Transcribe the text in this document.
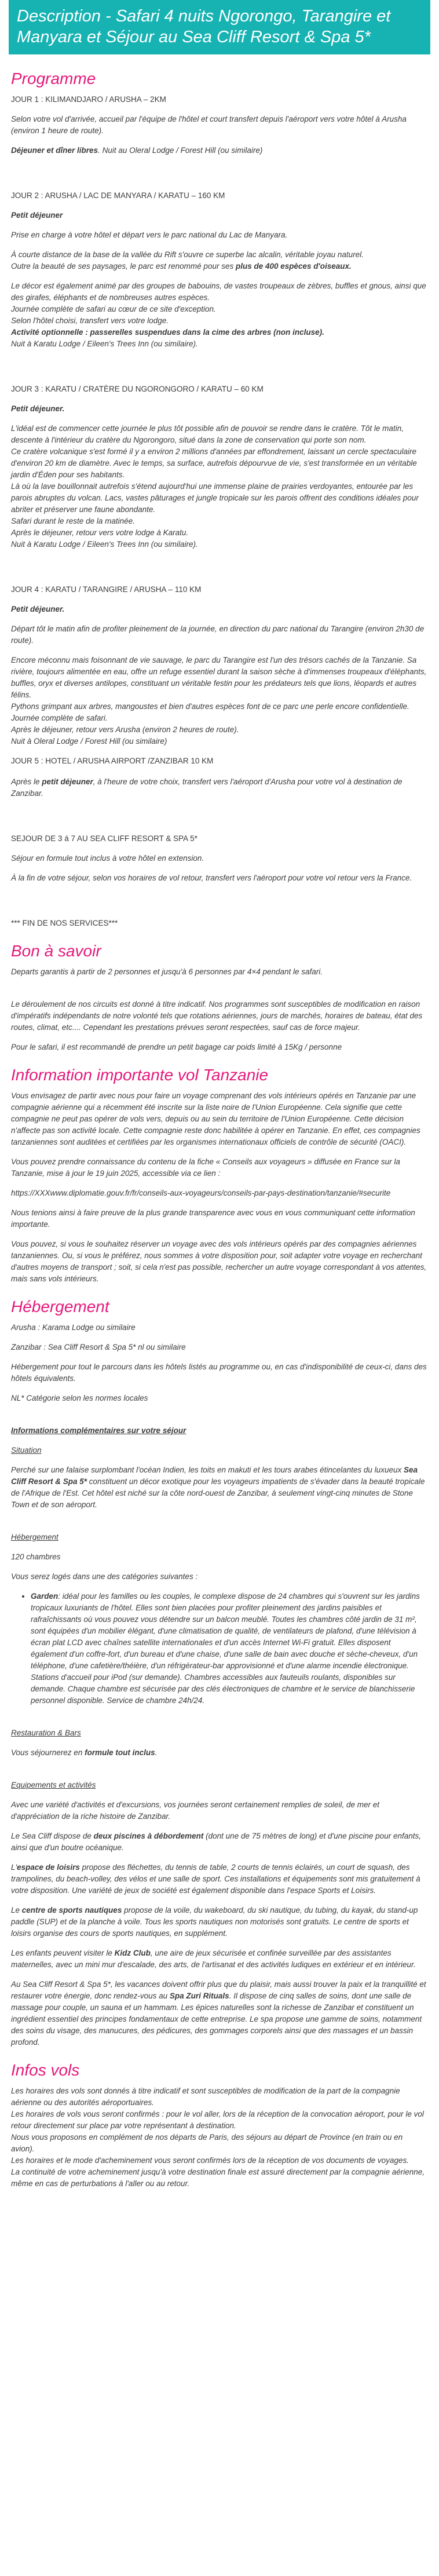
Description - Safari 4 nuits Ngorongo, Tarangire et Manyara et Séjour au Sea Cliff Resort & Spa 5*
Programme

JOUR 1 : KILIMANDJARO / ARUSHA – 2KM

Selon votre vol d'arrivée, accueil par l'équipe de l'hôtel et court transfert depuis l'aéroport vers votre hôtel à Arusha (environ 1 heure de route).

Déjeuner et dîner libres. Nuit au Oleral Lodge / Forest Hill (ou similaire)

JOUR 2 : ARUSHA / LAC DE MANYARA / KARATU – 160 KM

Petit déjeuner

Prise en charge à votre hôtel et départ vers le parc national du Lac de Manyara.

À courte distance de la base de la vallée du Rift s'ouvre ce superbe lac alcalin, véritable joyau naturel.

Outre la beauté de ses paysages, le parc est renommé pour ses plus de 400 espèces d'oiseaux.

Le décor est également animé par des groupes de babouins, de vastes troupeaux de zèbres, buffles et gnous, ainsi que des girafes, éléphants et de nombreuses autres espèces.

Journée complète de safari au cœur de ce site d'exception.

Selon l'hôtel choisi, transfert vers votre lodge.

Activité optionnelle : passerelles suspendues dans la cime des arbres (non incluse).

Nuit à Karatu Lodge / Eileen's Trees Inn (ou similaire).

JOUR 3 : KARATU / CRATÈRE DU NGORONGORO / KARATU – 60 KM

Petit déjeuner.

L'idéal est de commencer cette journée le plus tôt possible afin de pouvoir se rendre dans le cratère. Tôt le matin, descente à l'intérieur du cratère du Ngorongoro, situé dans la zone de conservation qui porte son nom.

Ce cratère volcanique s'est formé il y a environ 2 millions d'années par effondrement, laissant un cercle spectaculaire d'environ 20 km de diamètre. Avec le temps, sa surface, autrefois dépourvue de vie, s'est transformée en un véritable jardin d'Éden pour ses habitants.

Là où la lave bouillonnait autrefois s'étend aujourd'hui une immense plaine de prairies verdoyantes, entourée par les parois abruptes du volcan. Lacs, vastes pâturages et jungle tropicale sur les parois offrent des conditions idéales pour abriter et préserver une faune abondante.

Safari durant le reste de la matinée.

Après le déjeuner, retour vers votre lodge à Karatu.

Nuit à Karatu Lodge / Eileen's Trees Inn (ou similaire).

JOUR 4 : KARATU / TARANGIRE / ARUSHA – 110 KM

Petit déjeuner.

Départ tôt le matin afin de profiter pleinement de la journée, en direction du parc national du Tarangire (environ 2h30 de route).

Encore méconnu mais foisonnant de vie sauvage, le parc du Tarangire est l'un des trésors cachés de la Tanzanie. Sa rivière, toujours alimentée en eau, offre un refuge essentiel durant la saison sèche à d'immenses troupeaux d'éléphants, buffles, oryx et diverses antilopes, constituant un véritable festin pour les prédateurs tels que lions, léopards et autres félins.

Pythons grimpant aux arbres, mangoustes et bien d'autres espèces font de ce parc une perle encore confidentielle.

Journée complète de safari.

Après le déjeuner, retour vers Arusha (environ 2 heures de route).

Nuit à Oleral Lodge / Forest Hill (ou similaire)

JOUR 5 : HOTEL / ARUSHA AIRPORT /ZANZIBAR 10 KM

Après le petit déjeuner, à l'heure de votre choix, transfert vers l'aéroport d'Arusha pour votre vol à destination de Zanzibar.

SEJOUR DE 3 á 7 AU SEA CLIFF RESORT & SPA 5*

Séjour en formule tout inclus à votre hôtel en extension.

À la fin de votre séjour, selon vos horaires de vol retour, transfert vers l'aéroport pour votre vol retour vers la France.

*** FIN DE NOS SERVICES***

Bon à savoir

Departs garantis à partir de 2 personnes et jusqu'à 6 personnes par 4×4 pendant le safari.

Le déroulement de nos circuits est donné à titre indicatif. Nos programmes sont susceptibles de modification en raison d'impératifs indépendants de notre volonté tels que rotations aériennes, jours de marchés, horaires de bateau, état des routes, climat, etc.... Cependant les prestations prévues seront respectées, sauf cas de force majeur.

Pour le safari, il est recommandé de prendre un petit bagage car poids limité à 15Kg / personne

Information importante vol Tanzanie

Vous envisagez de partir avec nous pour faire un voyage comprenant des vols intérieurs opérés en Tanzanie par une compagnie aérienne qui a récemment été inscrite sur la liste noire de l'Union Européenne. Cela signifie que cette compagnie ne peut pas opérer de vols vers, depuis ou au sein du territoire de l'Union Européenne. Cette décision n'affecte pas son activité locale. Cette compagnie reste donc habilitée à opérer en Tanzanie. En effet, ces compagnies tanzaniennes sont auditées et certifiées par les organismes internationaux officiels de contrôle de sécurité (OACI).

Vous pouvez prendre connaissance du contenu de la fiche « Conseils aux voyageurs » diffusée en France sur la Tanzanie, mise à jour le 19 juin 2025, accessible via ce lien :

https://XXXwww.diplomatie.gouv.fr/fr/conseils-aux-voyageurs/conseils-par-pays-destination/tanzanie/#securite

Nous tenions ainsi à faire preuve de la plus grande transparence avec vous en vous communiquant cette information importante.

Vous pouvez, si vous le souhaitez réserver un voyage avec des vols intérieurs opérés par des compagnies aériennes tanzaniennes. Ou, si vous le préférez, nous sommes à votre disposition pour, soit adapter votre voyage en recherchant d'autres moyens de transport ; soit, si cela n'est pas possible, rechercher un autre voyage correspondant à vos attentes, mais sans vols intérieurs.

Hébergement

Arusha : Karama Lodge ou similaire

Zanzibar : Sea Cliff Resort & Spa 5* nl ou similaire

Hébergement pour tout le parcours dans les hôtels listés au programme ou, en cas d'indisponibilité de ceux-ci, dans des hôtels équivalents.

NL* Catégorie selon les normes locales

Informations complémentaires sur votre séjour

Situation

Perché sur une falaise surplombant l'océan Indien, les toits en makuti et les tours arabes étincelantes du luxueux Sea Cliff Resort & Spa 5* constituent un décor exotique pour les voyageurs impatients de s'évader dans la beauté tropicale de l'Afrique de l'Est. Cet hôtel est niché sur la côte nord-ouest de Zanzibar, à seulement vingt-cinq minutes de Stone Town et de son aéroport.

Hébergement

120 chambres

Vous serez logés dans une des catégories suivantes :

• Garden: idéal pour les familles ou les couples, le complexe dispose de 24 chambres qui s'ouvrent sur les jardins tropicaux luxuriants de l'hôtel. Elles sont bien placées pour profiter pleinement des jardins paisibles et rafraîchissants où vous pouvez vous détendre sur un balcon meublé. Toutes les chambres côté jardin de 31 m², sont équipées d'un mobilier élégant, d'une climatisation de qualité, de ventilateurs de plafond, d'une télévision à écran plat LCD avec chaînes satellite internationales et d'un accès Internet Wi-Fi gratuit. Elles disposent également d'un coffre-fort, d'un bureau et d'une chaise, d'une salle de bain avec douche et sèche-cheveux, d'un téléphone, d'une cafetière/théière, d'un réfrigérateur-bar approvisionné et d'une alarme incendie électronique. Stations d'accueil pour iPod (sur demande). Chambres accessibles aux fauteuils roulants, disponibles sur demande. Chaque chambre est sécurisée par des clés électroniques de chambre et le service de blanchisserie personnel disponible. Service de chambre 24h/24.

Restauration & Bars

Vous séjournerez en formule tout inclus.

Equipements et activités

Avec une variété d'activités et d'excursions, vos journées seront certainement remplies de soleil, de mer et d'appréciation de la riche histoire de Zanzibar.

Le Sea Cliff dispose de deux piscines à débordement (dont une de 75 mètres de long) et d'une piscine pour enfants, ainsi que d'un boutre océanique.

L'espace de loisirs propose des fléchettes, du tennis de table, 2 courts de tennis éclairés, un court de squash, des trampolines, du beach-volley, des vélos et une salle de sport. Ces installations et équipements sont mis gratuitement à votre disposition. Une variété de jeux de société est également disponible dans l'espace Sports et Loisirs.

Le centre de sports nautiques propose de la voile, du wakeboard, du ski nautique, du tubing, du kayak, du stand-up paddle (SUP) et de la planche à voile. Tous les sports nautiques non motorisés sont gratuits. Le centre de sports et loisirs organise des cours de sports nautiques, en supplément.

Les enfants peuvent visiter le Kidz Club, une aire de jeux sécurisée et confinée surveillée par des assistantes maternelles, avec un mini mur d'escalade, des arts, de l'artisanat et des activités ludiques en extérieur et en intérieur.

Au Sea Cliff Resort & Spa 5*, les vacances doivent offrir plus que du plaisir, mais aussi trouver la paix et la tranquillité et restaurer votre énergie, donc rendez-vous au Spa Zuri Rituals. Il dispose de cinq salles de soins, dont une salle de massage pour couple, un sauna et un hammam. Les épices naturelles sont la richesse de Zanzibar et constituent un ingrédient essentiel des principes fondamentaux de cette entreprise. Le spa propose une gamme de soins, notamment des soins du visage, des manucures, des pédicures, des gommages corporels ainsi que des massages et un bassin profond.

Infos vols

Les horaires des vols sont donnés à titre indicatif et sont susceptibles de modification de la part de la compagnie aérienne ou des autorités aéroportuaires.

Les horaires de vols vous seront confirmés : pour le vol aller, lors de la réception de la convocation aéroport, pour le vol retour directement sur place par votre représentant à destination.

Nous vous proposons en complément de nos départs de Paris, des séjours au départ de Province (en train ou en avion).

Les horaires et le mode d'acheminement vous seront confirmés lors de la réception de vos documents de voyages.

La continuité de votre acheminement jusqu'à votre destination finale est assuré directement par la compagnie aérienne, même en cas de perturbations à l'aller ou au retour.
